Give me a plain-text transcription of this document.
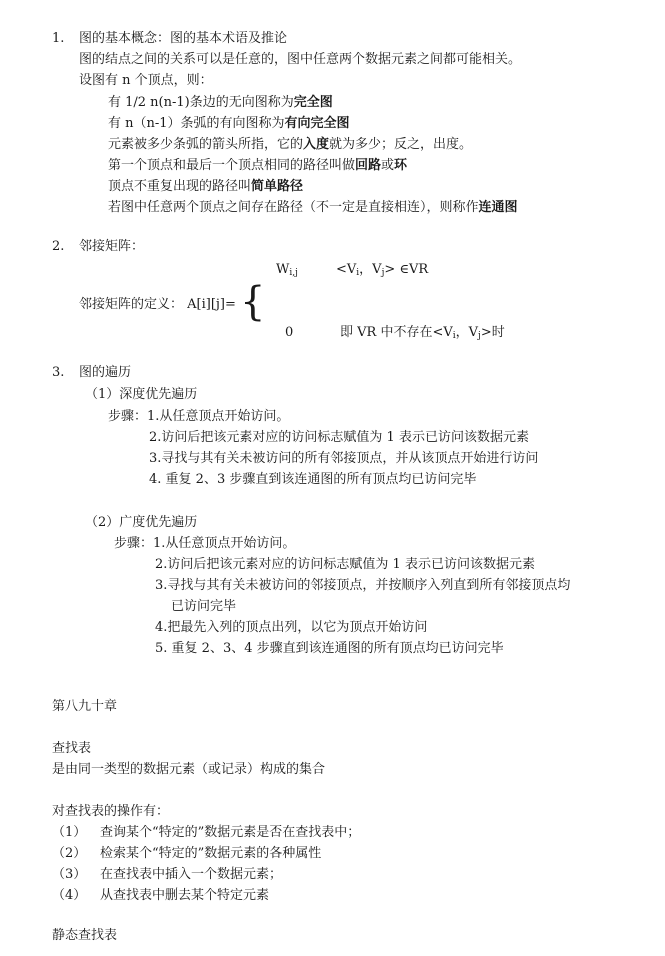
1. 图的基本概念：图的基本术语及推论
图的结点之间的关系可以是任意的，图中任意两个数据元素之间都可能相关。
设图有 n 个顶点，则：
有 1/2 n(n-1)条边的无向图称为完全图
有 n（n-1）条弧的有向图称为有向完全图
元素被多少条弧的箭头所指，它的入度就为多少；反之，出度。
第一个顶点和最后一个顶点相同的路径叫做回路或环
顶点不重复出现的路径叫简单路径
若图中任意两个顶点之间存在路径（不一定是直接相连），则称作连通图
2. 邻接矩阵：
$W_{i,j}$	$<V_i$，$V_j>$ ∈VR
邻接矩阵的定义： A[i][j]= {
0	即 VR 中不存在$<V_i$，$V_j>$时
3. 图的遍历
（1）深度优先遍历
步骤：1.从任意顶点开始访问。
2.访问后把该元素对应的访问标志赋值为 1 表示已访问该数据元素
3.寻找与其有关未被访问的所有邻接顶点，并从该顶点开始进行访问
4. 重复 2、3 步骤直到该连通图的所有顶点均已访问完毕
（2）广度优先遍历
步骤：1.从任意顶点开始访问。
2.访问后把该元素对应的访问标志赋值为 1 表示已访问该数据元素
3.寻找与其有关未被访问的邻接顶点，并按顺序入列直到所有邻接顶点均
已访问完毕
4.把最先入列的顶点出列，以它为顶点开始访问
5. 重复 2、3、4 步骤直到该连通图的所有顶点均已访问完毕
第八九十章
查找表
是由同一类型的数据元素（或记录）构成的集合
对查找表的操作有：
（1） 查询某个“特定的”数据元素是否在查找表中；
（2） 检索某个“特定的”数据元素的各种属性
（3） 在查找表中插入一个数据元素；
（4） 从查找表中删去某个特定元素
静态查找表
